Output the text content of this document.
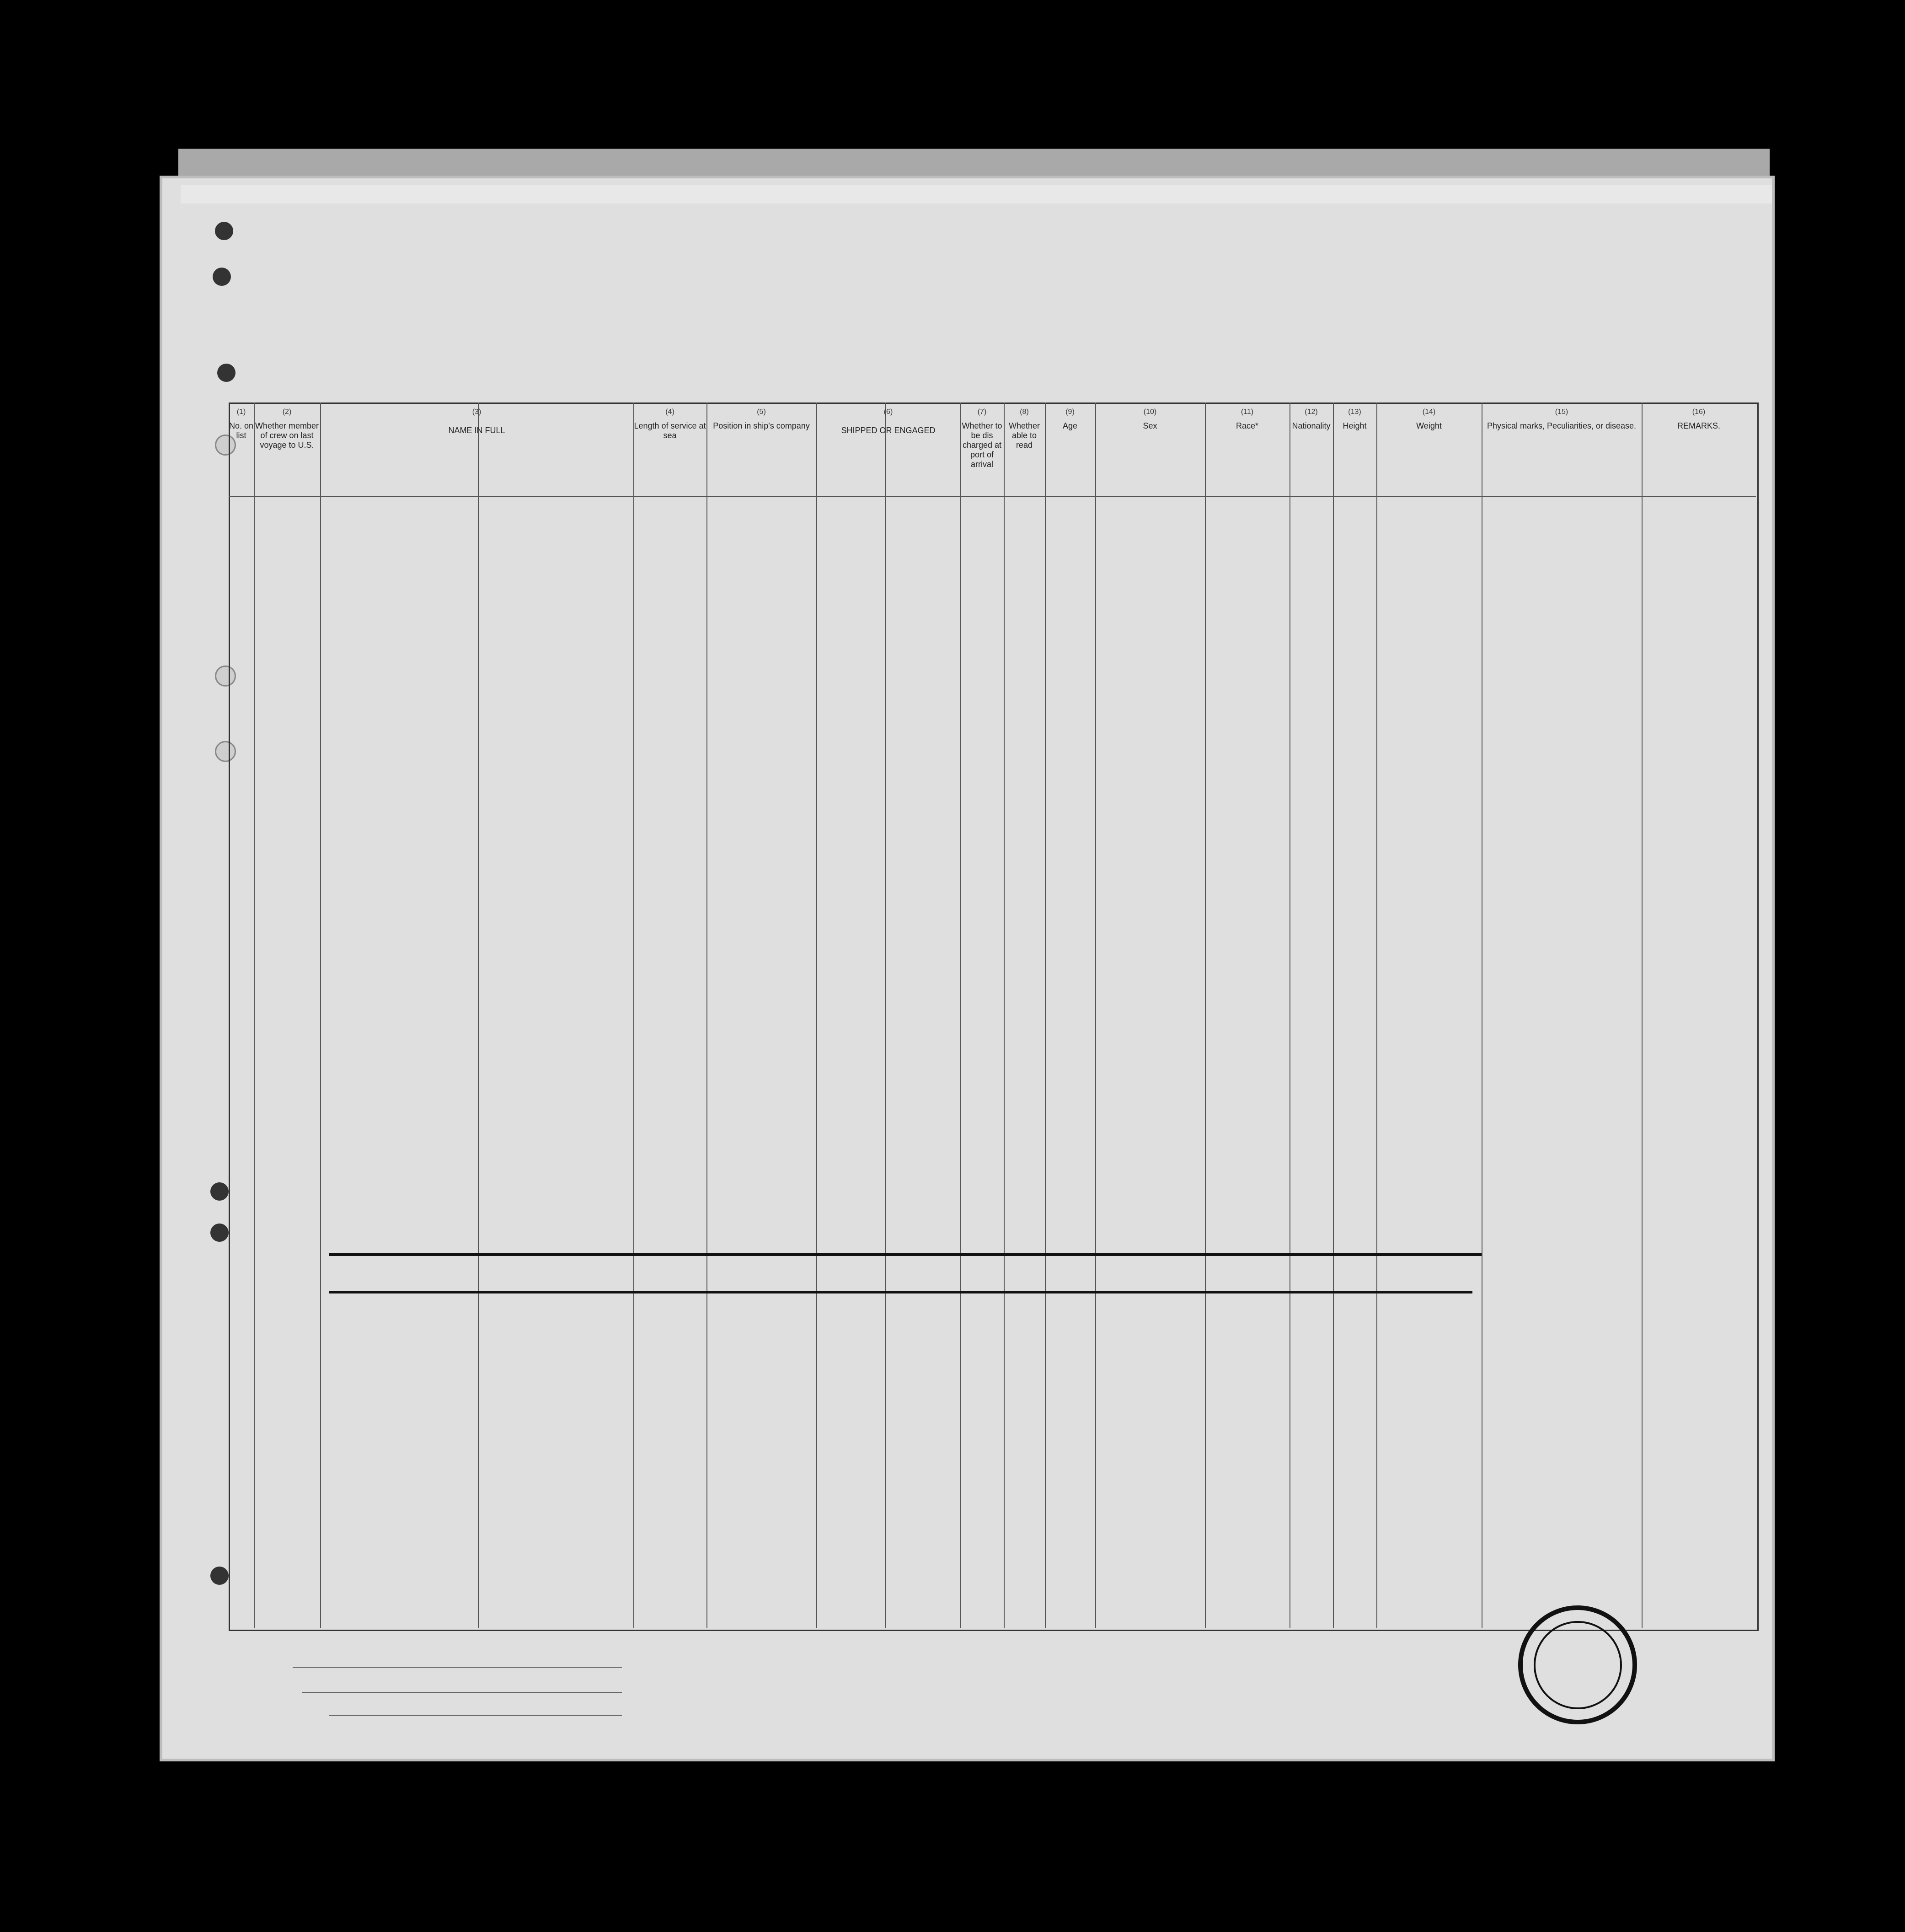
(1)
No. on list
(2)
Whether member of crew on last voyage to U.S.
(3)
NAME IN FULL
(4)
Length of service at sea
(5)
Position in ship's company
(6)
SHIPPED OR ENGAGED
(7)
Whether to be dis charged at port of arrival
(8)
Whether able to read
(9)
Age
(10)
Sex
(11)
Race*
(12)
Nationality
(13)
Height
(14)
Weight
(15)
Physical marks, Peculiarities, or disease.
(16)
REMARKS.
